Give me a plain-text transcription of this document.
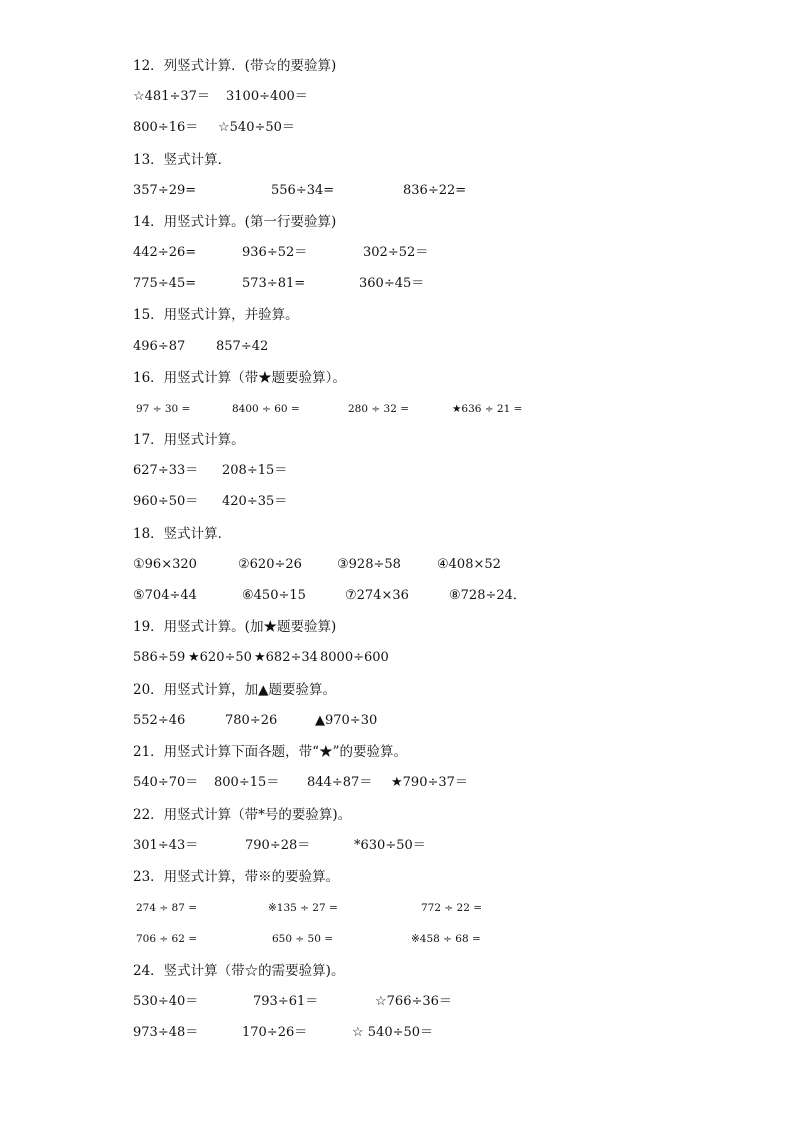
12．列竖式计算．(带☆的要验算)
☆481÷37＝ 3100÷400＝
800÷16＝ ☆540÷50＝
13．竖式计算．
357÷29=	556÷34=	836÷22=
14．用竖式计算。(第一行要验算)
442÷26=	936÷52＝	302÷52＝
775÷45=	573÷81=	360÷45＝
15．用竖式计算，并验算。
496÷87 857÷42
16．用竖式计算（带★题要验算）。
97 ÷ 30 =	8400 ÷ 60 =	280 ÷ 32 =	★636 ÷ 21 =
17．用竖式计算。
627÷33＝ 208÷15＝
960÷50＝ 420÷35＝
18．竖式计算．
①96×320	②620÷26	③928÷58	④408×52
⑤704÷44	⑥450÷15	⑦274×36	⑧728÷24．
19．用竖式计算。(加★题要验算)
586÷59 ★620÷50 ★682÷34 8000÷600
20．用竖式计算，加▲题要验算。
552÷46	780÷26	▲970÷30
21．用竖式计算下面各题，带“★”的要验算。
540÷70＝ 800÷15＝ 844÷87＝ ★790÷37＝
22．用竖式计算（带*号的要验算)。
301÷43＝	790÷28＝	*630÷50＝
23．用竖式计算，带※的要验算。
274 ÷ 87 =	※135 ÷ 27 =	772 ÷ 22 =
706 ÷ 62 =	650 ÷ 50 =	※458 ÷ 68 =
24．竖式计算（带☆的需要验算)。
530÷40＝	793÷61＝	☆766÷36＝
973÷48＝	170÷26＝	☆ 540÷50＝
